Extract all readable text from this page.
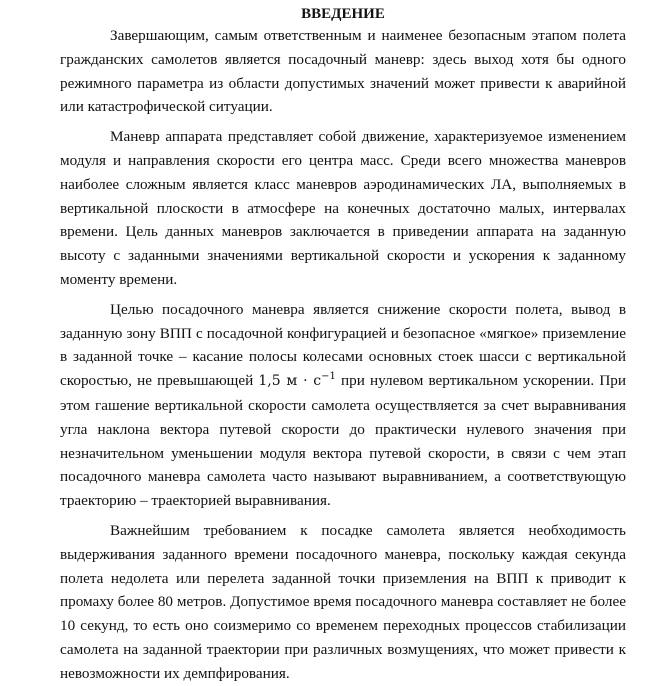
ВВЕДЕНИЕ

Завершающим, самым ответственным и наименее безопасным этапом полета гражданских самолетов является посадочный маневр: здесь выход хотя бы одного режимного параметра из области допустимых значений может привести к аварийной или катастрофической ситуации.

Маневр аппарата представляет собой движение, характеризуемое изменением модуля и направления скорости его центра масс. Среди всего множества маневров наиболее сложным является класс маневров аэродинамических ЛА, выполняемых в вертикальной плоскости в атмосфере на конечных достаточно малых, интервалах времени. Цель данных маневров заключается в приведении аппарата на заданную высоту с заданными значениями вертикальной скорости и ускорения к заданному моменту времени.

Целью посадочного маневра является снижение скорости полета, вывод в заданную зону ВПП с посадочной конфигурацией и безопасное «мягкое» приземление в заданной точке – касание полосы колесами основных стоек шасси с вертикальной скоростью, не превышающей 1,5 $м \cdot с^{-1}$ при нулевом вертикальном ускорении. При этом гашение вертикальной скорости самолета осуществляется за счет выравнивания угла наклона вектора путевой скорости до практически нулевого значения при незначительном уменьшении модуля вектора путевой скорости, в связи с чем этап посадочного маневра самолета часто называют выравниванием, а соответствующую траекторию – траекторией выравнивания.

Важнейшим требованием к посадке самолета является необходимость выдерживания заданного времени посадочного маневра, поскольку каждая секунда полета недолета или перелета заданной точки приземления на ВПП к приводит к промаху более 80 метров. Допустимое время посадочного маневра составляет не более 10 секунд, то есть оно соизмеримо со временем переходных процессов стабилизации самолета на заданной траектории при различных возмущениях, что может привести к невозможности их демпфирования.
